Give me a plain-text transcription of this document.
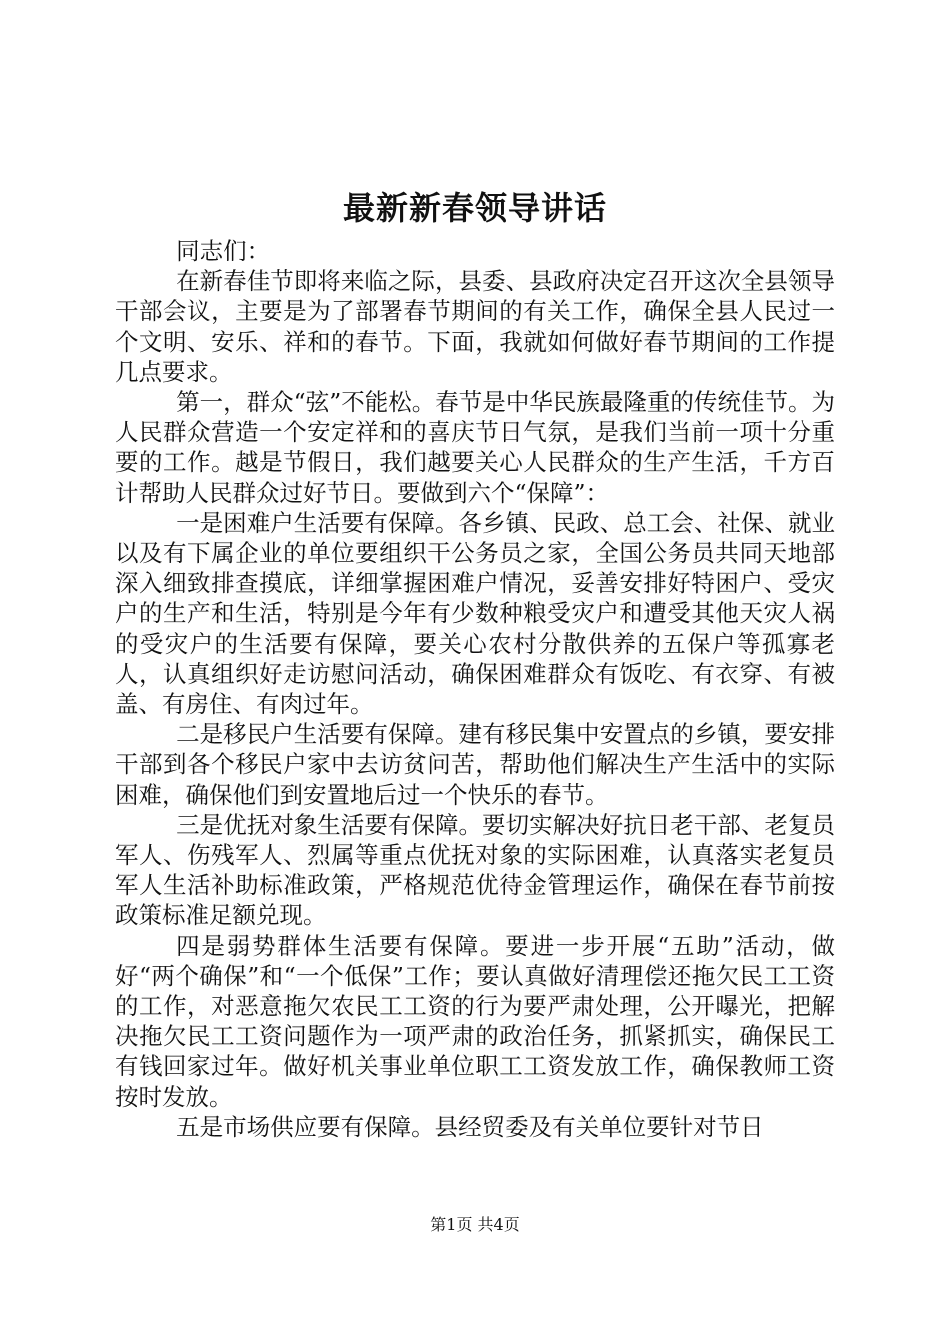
最新新春领导讲话

同志们：

在新春佳节即将来临之际，县委、县政府决定召开这次全县领导干部会议，主要是为了部署春节期间的有关工作，确保全县人民过一个文明、安乐、祥和的春节。下面，我就如何做好春节期间的工作提几点要求。

第一，群众“弦”不能松。春节是中华民族最隆重的传统佳节。为人民群众营造一个安定祥和的喜庆节日气氛，是我们当前一项十分重要的工作。越是节假日，我们越要关心人民群众的生产生活，千方百计帮助人民群众过好节日。要做到六个“保障”：

一是困难户生活要有保障。各乡镇、民政、总工会、社保、就业以及有下属企业的单位要组织干公务员之家，全国公务员共同天地部深入细致排查摸底，详细掌握困难户情况，妥善安排好特困户、受灾户的生产和生活，特别是今年有少数种粮受灾户和遭受其他天灾人祸的受灾户的生活要有保障，要关心农村分散供养的五保户等孤寡老人，认真组织好走访慰问活动，确保困难群众有饭吃、有衣穿、有被盖、有房住、有肉过年。

二是移民户生活要有保障。建有移民集中安置点的乡镇，要安排干部到各个移民户家中去访贫问苦，帮助他们解决生产生活中的实际困难，确保他们到安置地后过一个快乐的春节。

三是优抚对象生活要有保障。要切实解决好抗日老干部、老复员军人、伤残军人、烈属等重点优抚对象的实际困难，认真落实老复员军人生活补助标准政策，严格规范优待金管理运作，确保在春节前按政策标准足额兑现。

四是弱势群体生活要有保障。要进一步开展“五助”活动，做好“两个确保”和“一个低保”工作；要认真做好清理偿还拖欠民工工资的工作，对恶意拖欠农民工工资的行为要严肃处理，公开曝光，把解决拖欠民工工资问题作为一项严肃的政治任务，抓紧抓实，确保民工有钱回家过年。做好机关事业单位职工工资发放工作，确保教师工资按时发放。

五是市场供应要有保障。县经贸委及有关单位要针对节日

第1页 共4页
